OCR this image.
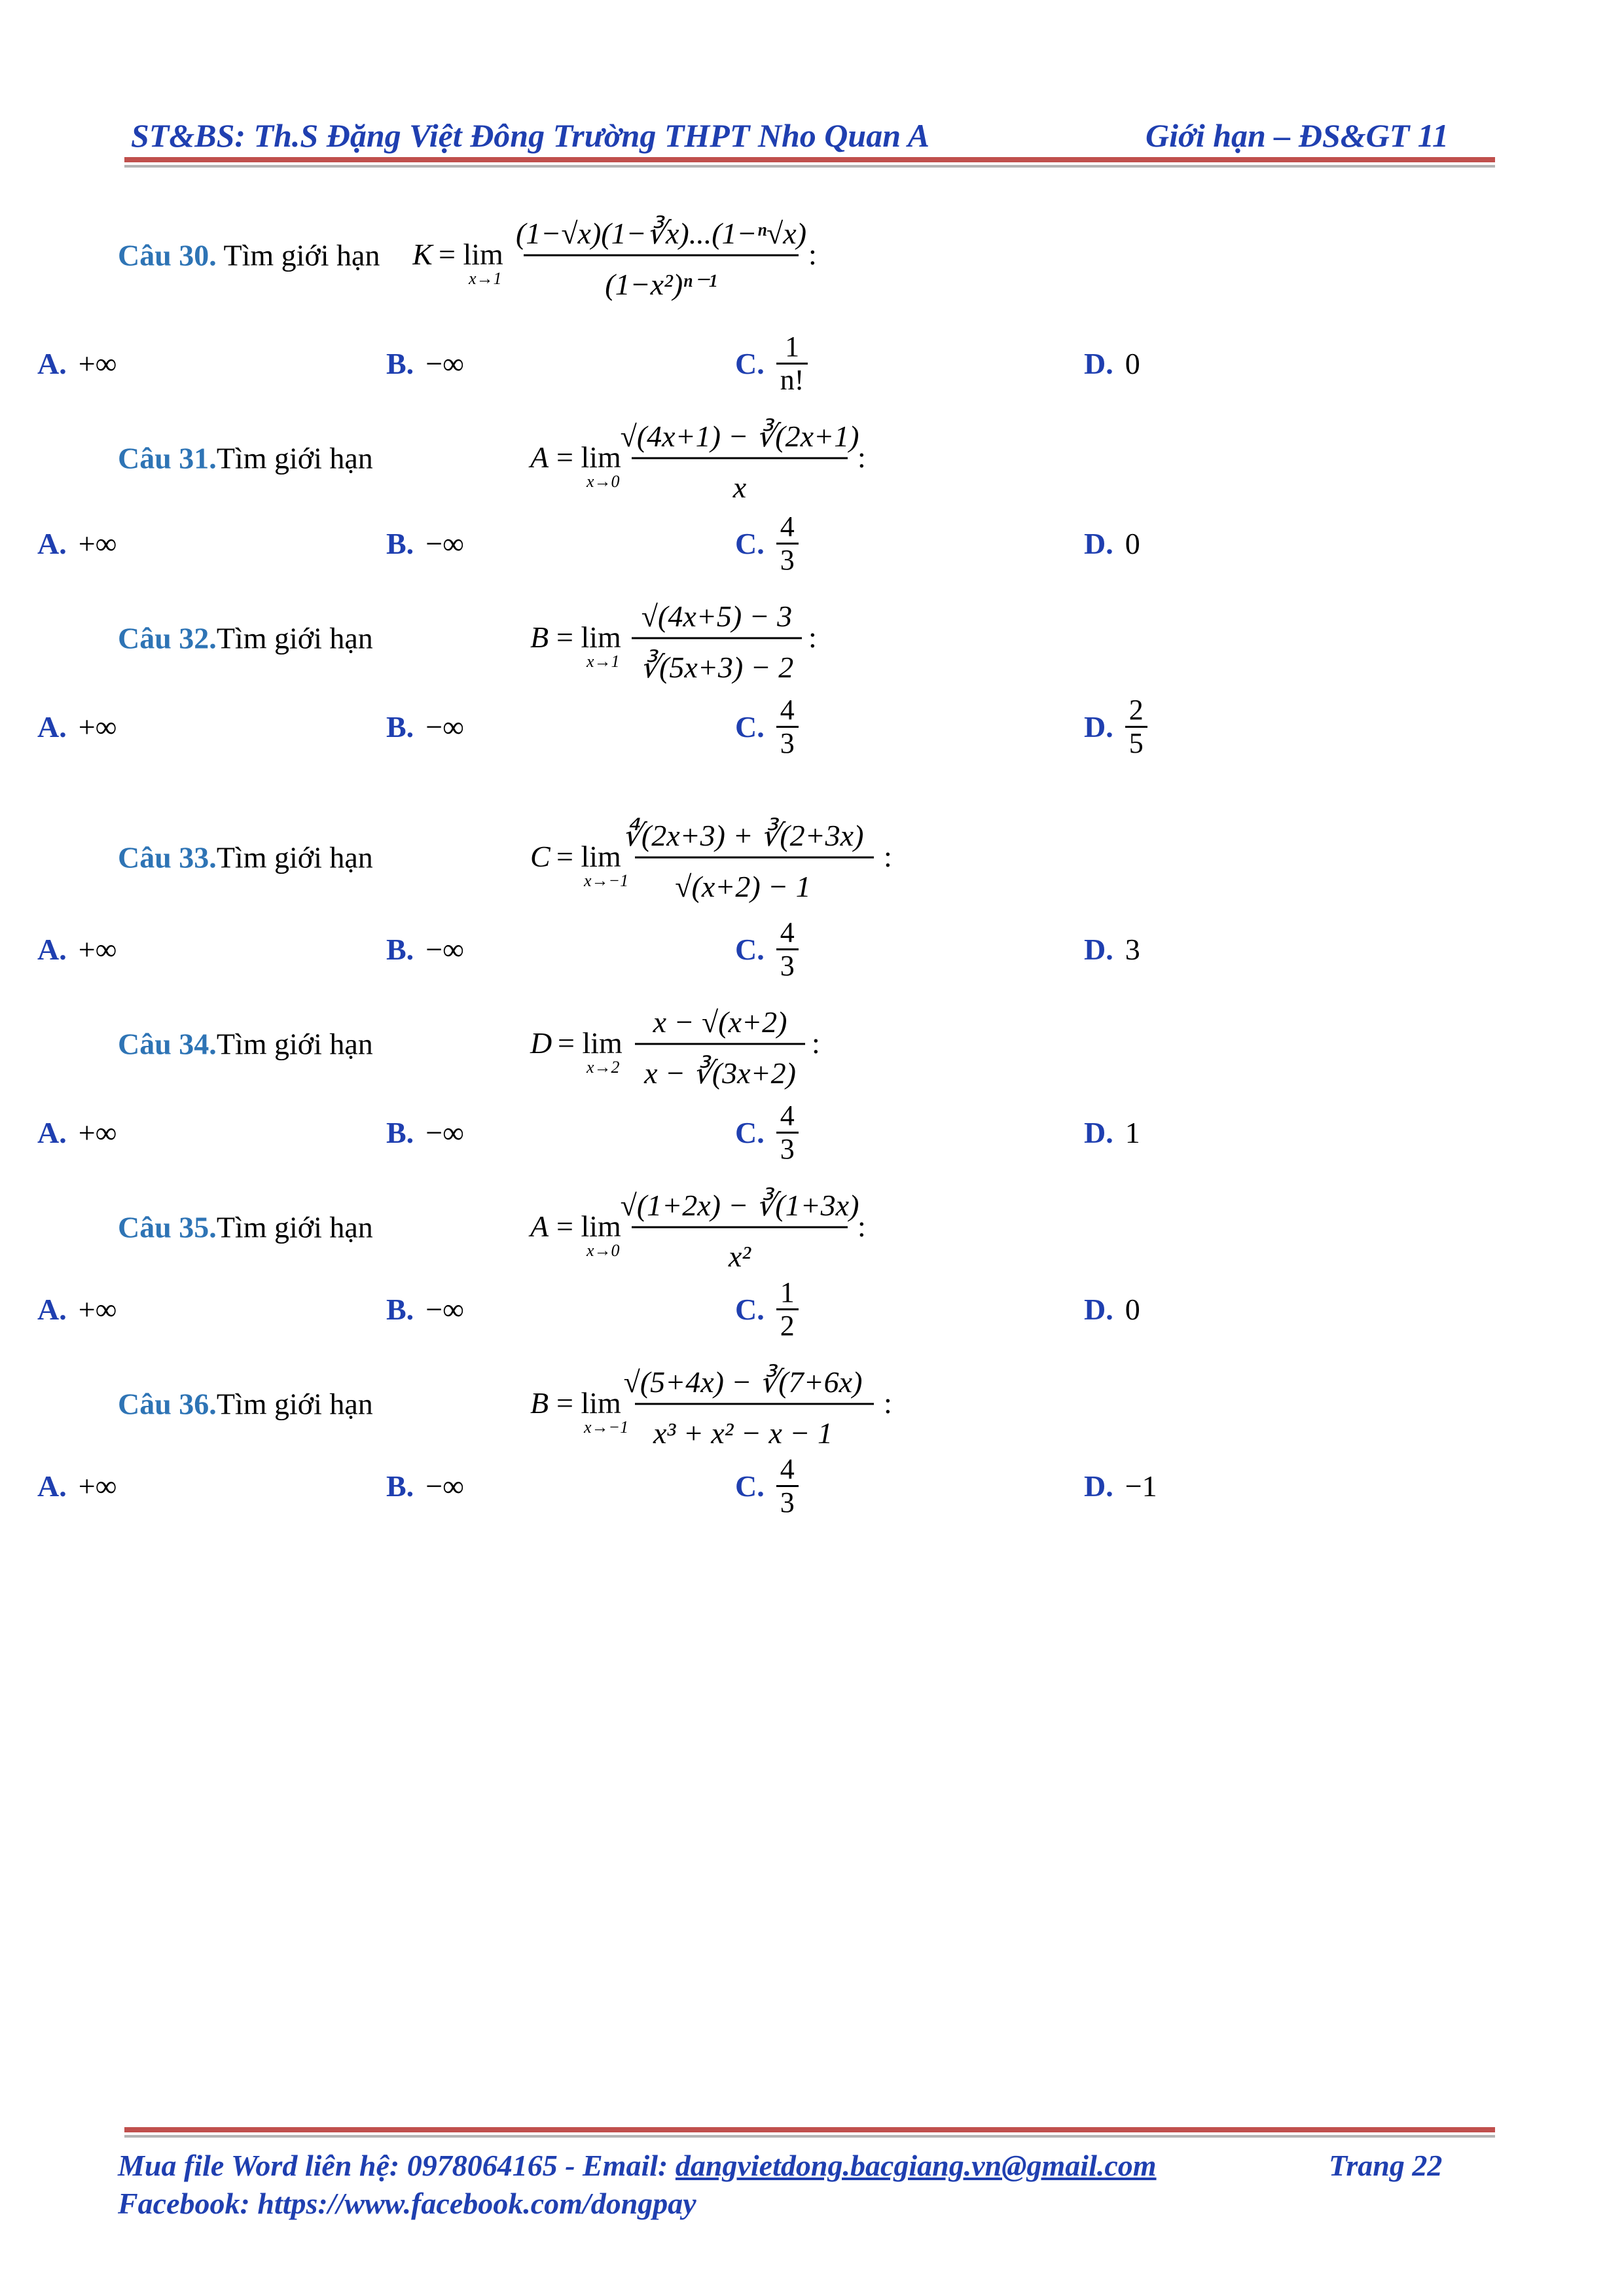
ST&BS: Th.S Đặng Việt Đông Trường THPT Nho Quan A	Giới hạn – ĐS&GT 11
Câu 30. Tìm giới hạn K = lim
x→1
(1−√x)(1−∛x)...(1−ⁿ√x)
(1−x²)ⁿ⁻¹
:
A. +∞	B. −∞	C. $\frac{1}{n!}$	D. 0
Câu 31.Tìm giới hạn	A = lim
x→0
√(4x+1) − ∛(2x+1)
x
:
A. +∞	B. −∞	C. $\frac{4}{3}$	D. 0
Câu 32.Tìm giới hạn	B = lim
x→1
√(4x+5) − 3
∛(5x+3) − 2
:
A. +∞	B. −∞	C. $\frac{4}{3}$	D. $\frac{2}{5}$
Câu 33.Tìm giới hạn	C = lim
x→−1
∜(2x+3) + ∛(2+3x)
√(x+2) − 1
:
A. +∞	B. −∞	C. $\frac{4}{3}$	D. 3
Câu 34.Tìm giới hạn	D = lim
x→2
x − √(x+2)
x − ∛(3x+2)
:
A. +∞	B. −∞	C. $\frac{4}{3}$	D. 1
Câu 35.Tìm giới hạn	A = lim
x→0
√(1+2x) − ∛(1+3x)
x²
:
A. +∞	B. −∞	C. $\frac{1}{2}$	D. 0
Câu 36.Tìm giới hạn	B = lim
x→−1
√(5+4x) − ∛(7+6x)
x³ + x² − x − 1
:
A. +∞	B. −∞	C. $\frac{4}{3}$	D. −1
Mua file Word liên hệ: 0978064165 - Email: dangvietdong.bacgiang.vn@gmail.com	Trang 22
Facebook: https://www.facebook.com/dongpay
